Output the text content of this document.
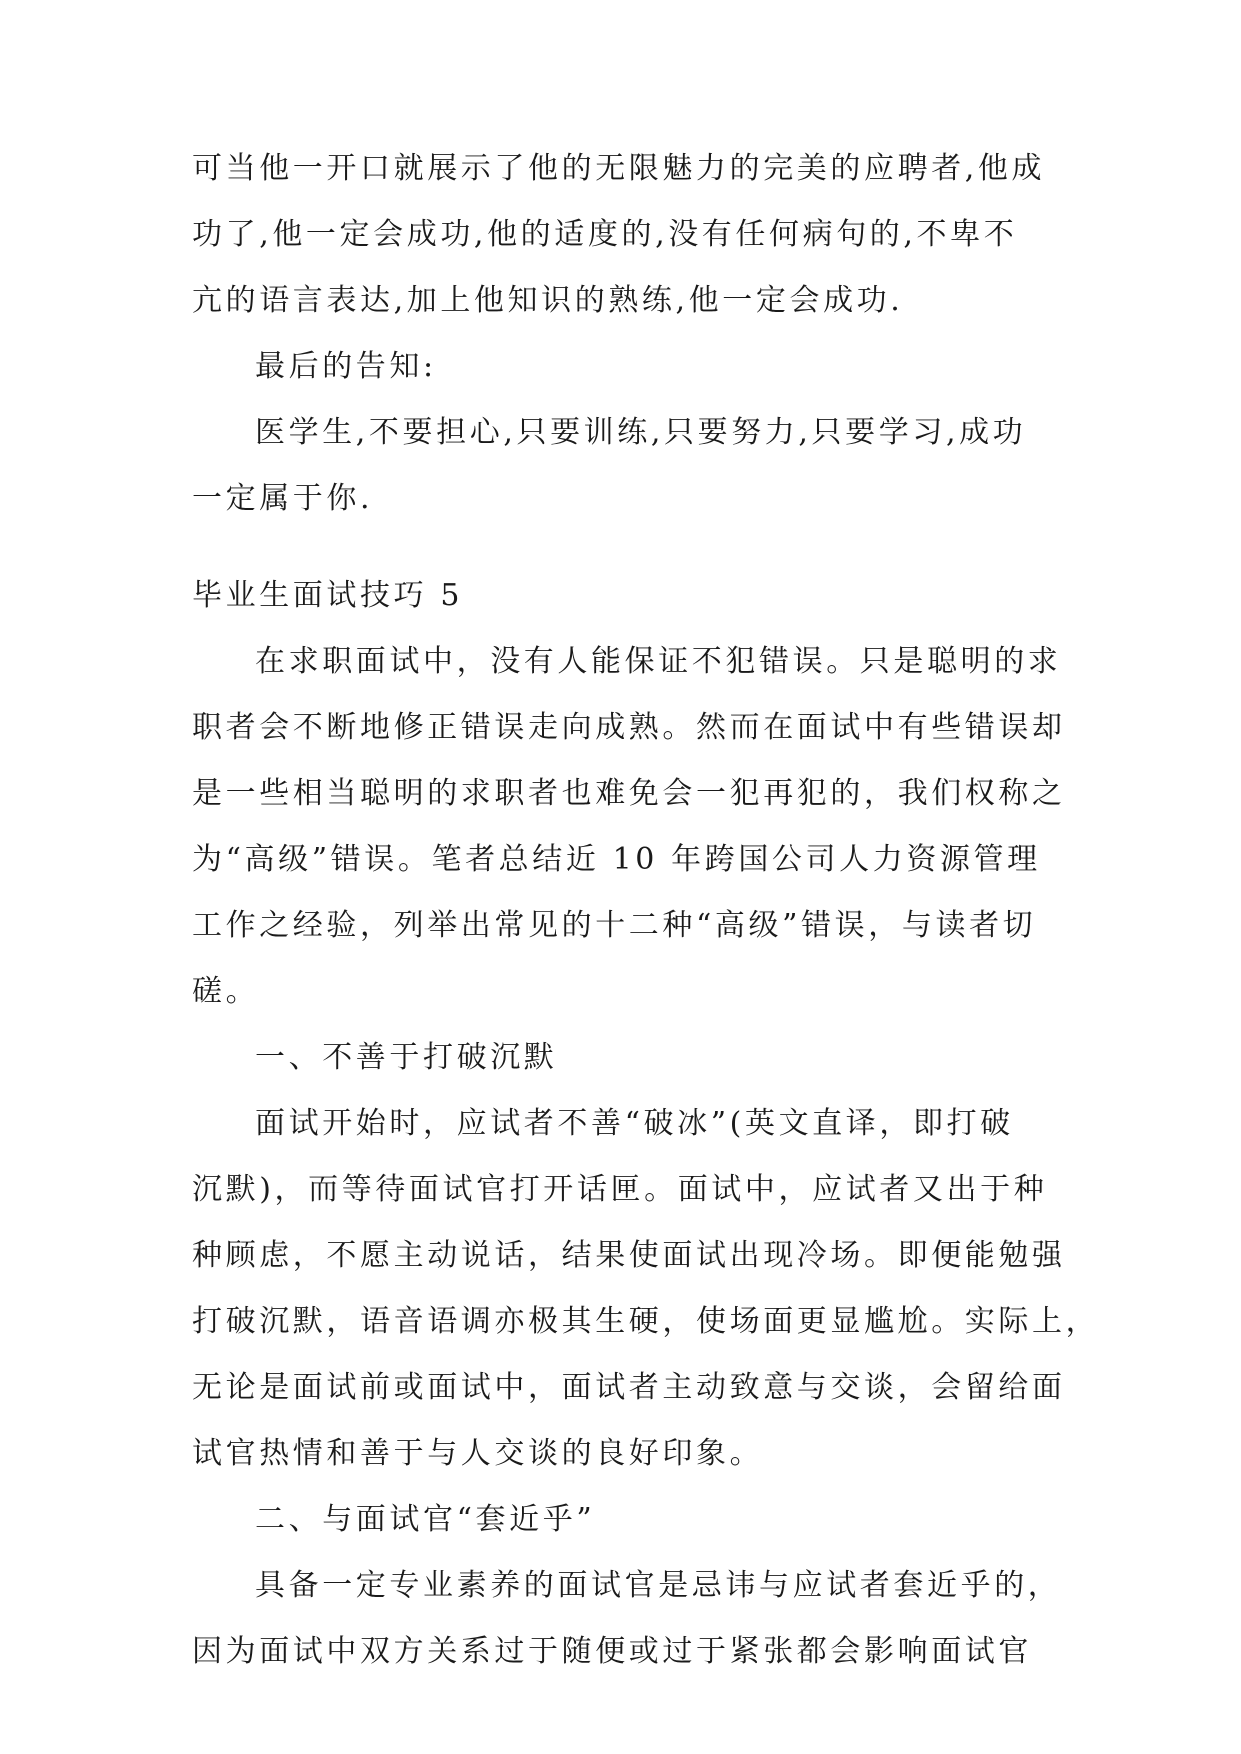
可当他一开口就展示了他的无限魅力的完美的应聘者,他成
功了,他一定会成功,他的适度的,没有任何病句的,不卑不
亢的语言表达,加上他知识的熟练,他一定会成功.
最后的告知:
医学生,不要担心,只要训练,只要努力,只要学习,成功
一定属于你.
毕业生面试技巧 5
在求职面试中，没有人能保证不犯错误。只是聪明的求
职者会不断地修正错误走向成熟。然而在面试中有些错误却
是一些相当聪明的求职者也难免会一犯再犯的，我们权称之
为“高级”错误。笔者总结近 10 年跨国公司人力资源管理
工作之经验，列举出常见的十二种“高级”错误，与读者切
磋。
一、不善于打破沉默
面试开始时，应试者不善“破冰”(英文直译，即打破
沉默)，而等待面试官打开话匣。面试中，应试者又出于种
种顾虑，不愿主动说话，结果使面试出现冷场。即便能勉强
打破沉默，语音语调亦极其生硬，使场面更显尴尬。实际上，
无论是面试前或面试中，面试者主动致意与交谈，会留给面
试官热情和善于与人交谈的良好印象。
二、与面试官“套近乎”
具备一定专业素养的面试官是忌讳与应试者套近乎的，
因为面试中双方关系过于随便或过于紧张都会影响面试官
